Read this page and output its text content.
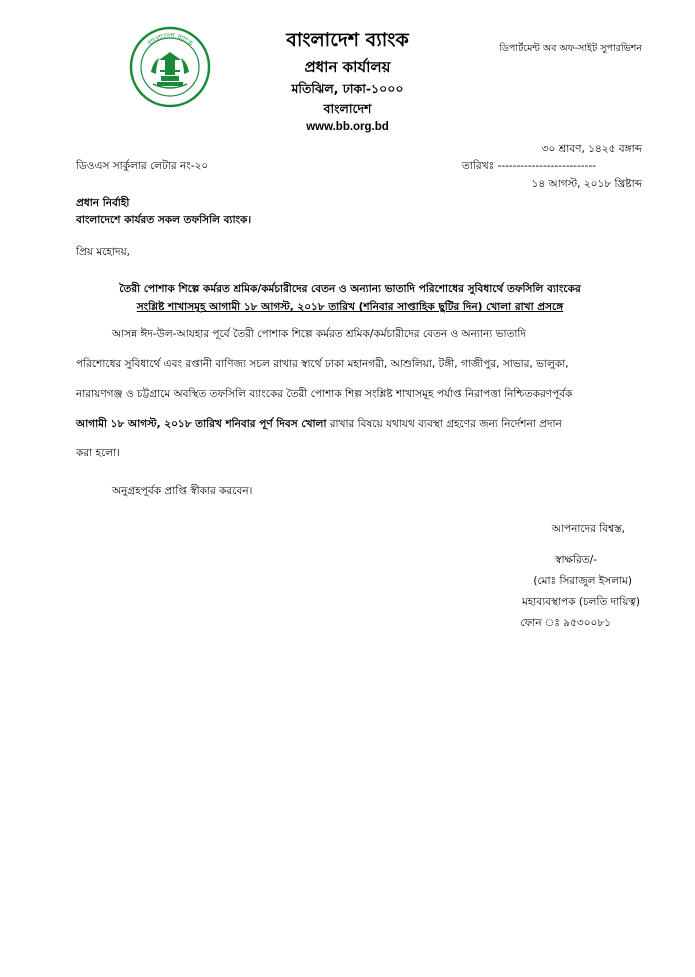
বাংলাদেশ ব্যাংক	বাংলাদেশ ব্যাংক
প্রধান কার্যালয়
মতিঝিল, ঢাকা-১০০০
বাংলাদেশ
www.bb.org.bd
ডিপার্টমেন্ট অব অফ-সাইট সুপারভিশন
৩০ শ্রাবণ, ১৪২৫ বঙ্গাব্দ
ডিওএস সার্কুলার লেটার নং-২০	তারিখঃ --------------------------
১৪ আগস্ট, ২০১৮ খ্রিষ্টাব্দ
প্রধান নির্বাহী
বাংলাদেশে কার্যরত সকল তফসিলি ব্যাংক।
প্রিয় মহোদয়,
তৈরী পোশাক শিল্পে কর্মরত শ্রমিক/কর্মচারীদের বেতন ও অন্যান্য ভাতাদি পরিশোধের সুবিধার্থে তফসিলি ব্যাংকের
সংশ্লিষ্ট শাখাসমূহ আগামী ১৮ আগস্ট, ২০১৮ তারিখ (শনিবার সাপ্তাহিক ছুটির দিন) খোলা রাখা প্রসঙ্গে
আসন্ন ঈদ-উল-আযহার পূর্বে তৈরী পোশাক শিল্পে কর্মরত শ্রমিক/কর্মচারীদের বেতন ও অন্যান্য ভাতাদি
পরিশোধের সুবিধার্থে এবং রপ্তানী বাণিজ্য সচল রাখার স্বার্থে ঢাকা মহানগরী, আশুলিয়া, টঙ্গী, গাজীপুর, সাভার, ভালুকা,
নারায়ণগঞ্জ ও চট্টগ্রামে অবস্থিত তফসিলি ব্যাংকের তৈরী পোশাক শিল্প সংশ্লিষ্ট শাখাসমূহ পর্যাপ্ত নিরাপত্তা নিশ্চিতকরণপূর্বক
আগামী ১৮ আগস্ট, ২০১৮ তারিখ শনিবার পূর্ণ দিবস খোলা রাখার বিষয়ে যথাযথ ব্যবস্থা গ্রহণের জন্য নির্দেশনা প্রদান
করা হলো।
অনুগ্রহপূর্বক প্রাপ্তি স্বীকার করবেন।
আপনাদের বিশ্বস্ত,
স্বাক্ষরিত/-
(মোঃ সিরাজুল ইসলাম)
মহাব্যবস্থাপক (চলতি দায়িত্ব)
ফোন ঃ ৯৫৩০০৮১
